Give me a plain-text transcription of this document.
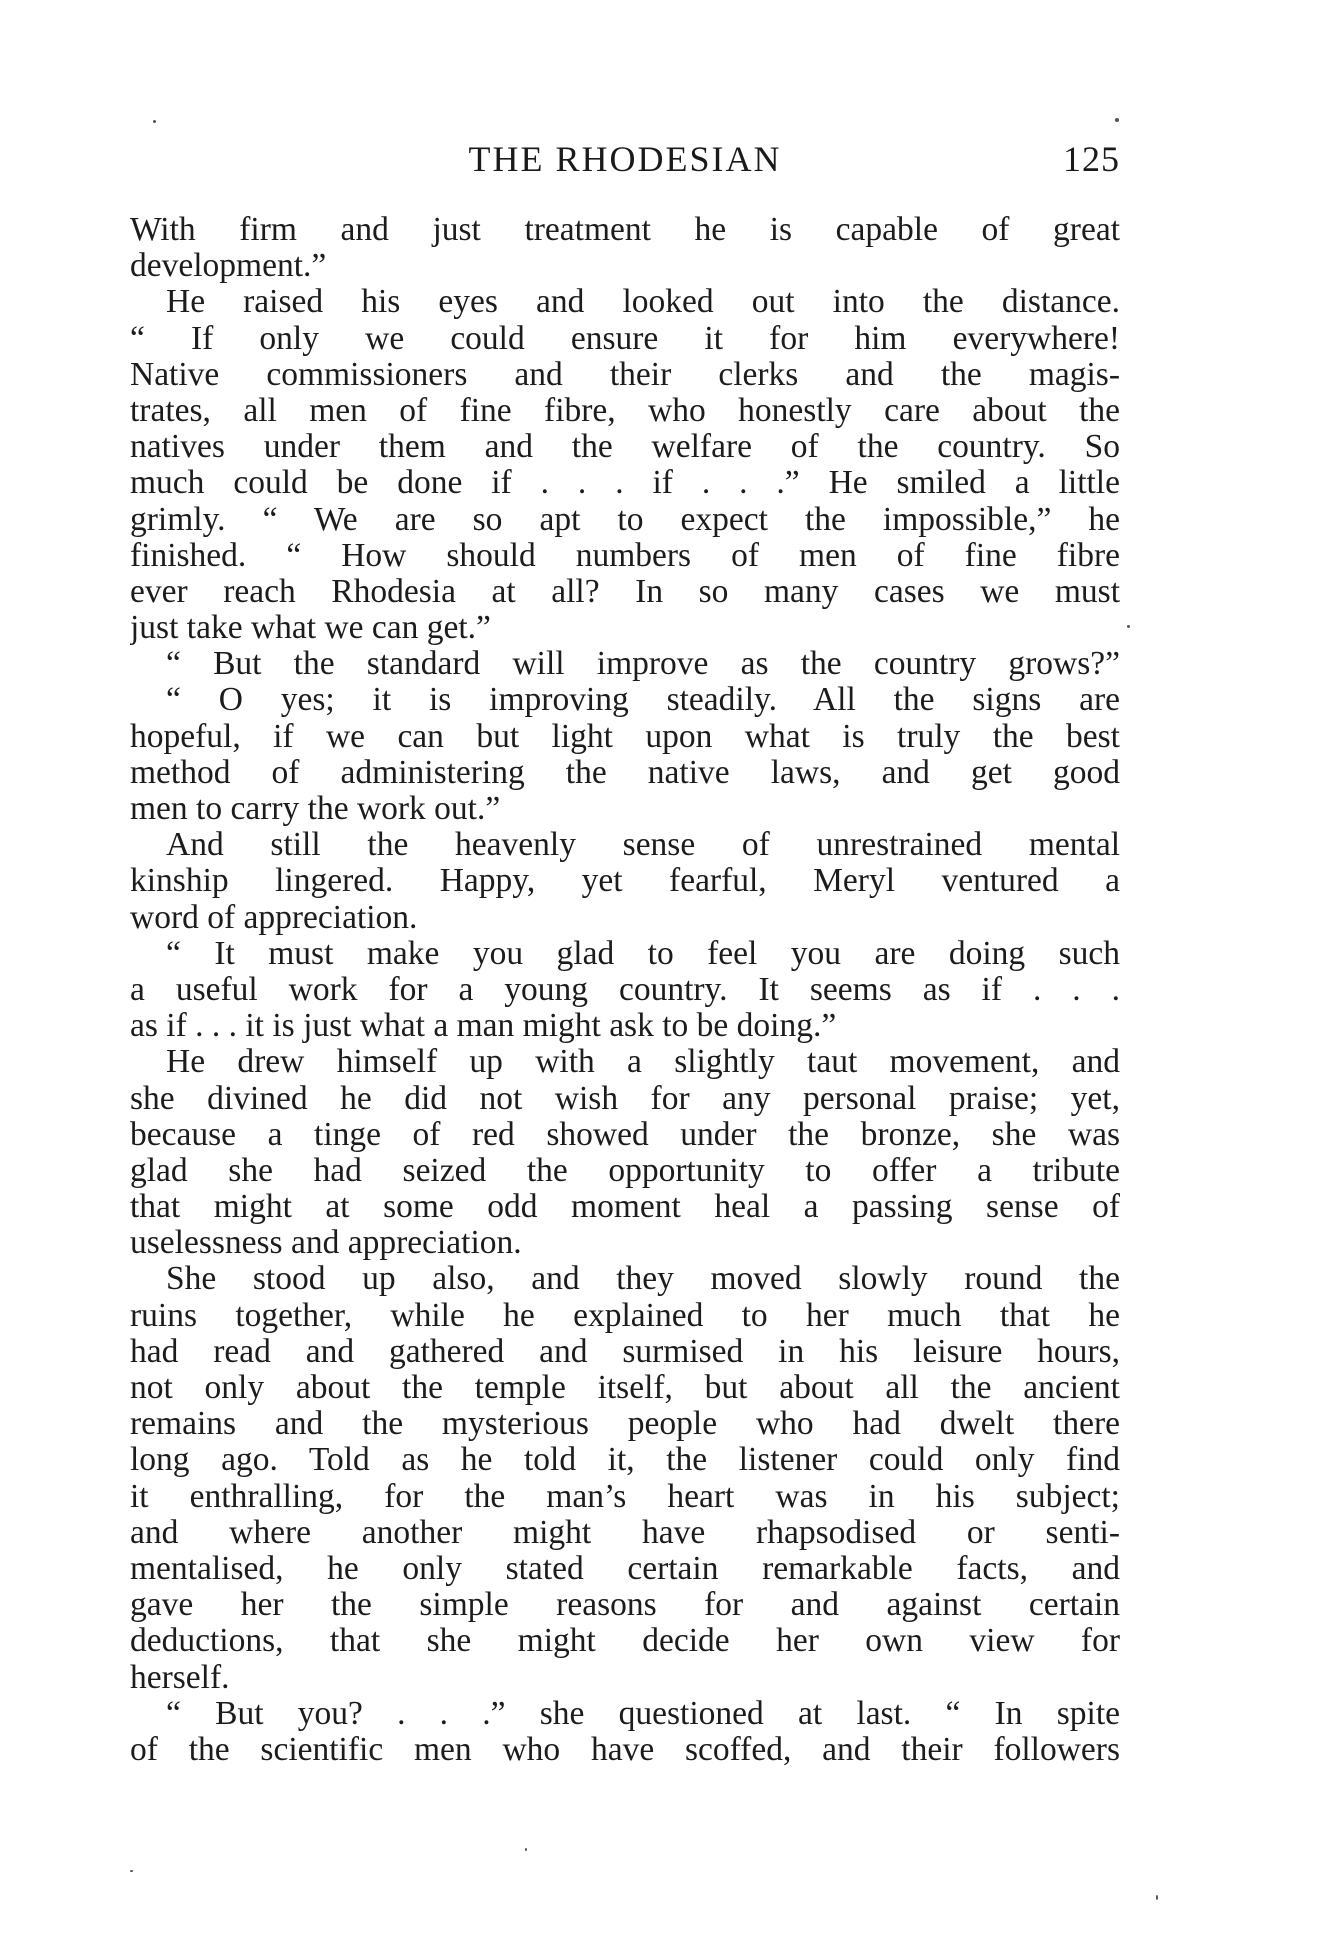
THE RHODESIAN	125
With firm and just treatment he is capable of great
development.”
He raised his eyes and looked out into the distance.
“ If only we could ensure it for him everywhere!
Native commissioners and their clerks and the magis-
trates, all men of fine fibre, who honestly care about the
natives under them and the welfare of the country. So
much could be done if . . . if . . .” He smiled a little
grimly. “ We are so apt to expect the impossible,” he
finished. “ How should numbers of men of fine fibre
ever reach Rhodesia at all? In so many cases we must
just take what we can get.”
“ But the standard will improve as the country grows?”
“ O yes; it is improving steadily. All the signs are
hopeful, if we can but light upon what is truly the best
method of administering the native laws, and get good
men to carry the work out.”
And still the heavenly sense of unrestrained mental
kinship lingered. Happy, yet fearful, Meryl ventured a
word of appreciation.
“ It must make you glad to feel you are doing such
a useful work for a young country. It seems as if . . .
as if . . . it is just what a man might ask to be doing.”
He drew himself up with a slightly taut movement, and
she divined he did not wish for any personal praise; yet,
because a tinge of red showed under the bronze, she was
glad she had seized the opportunity to offer a tribute
that might at some odd moment heal a passing sense of
uselessness and appreciation.
She stood up also, and they moved slowly round the
ruins together, while he explained to her much that he
had read and gathered and surmised in his leisure hours,
not only about the temple itself, but about all the ancient
remains and the mysterious people who had dwelt there
long ago. Told as he told it, the listener could only find
it enthralling, for the man’s heart was in his subject;
and where another might have rhapsodised or senti-
mentalised, he only stated certain remarkable facts, and
gave her the simple reasons for and against certain
deductions, that she might decide her own view for
herself.
“ But you? . . .” she questioned at last. “ In spite
of the scientific men who have scoffed, and their followers
